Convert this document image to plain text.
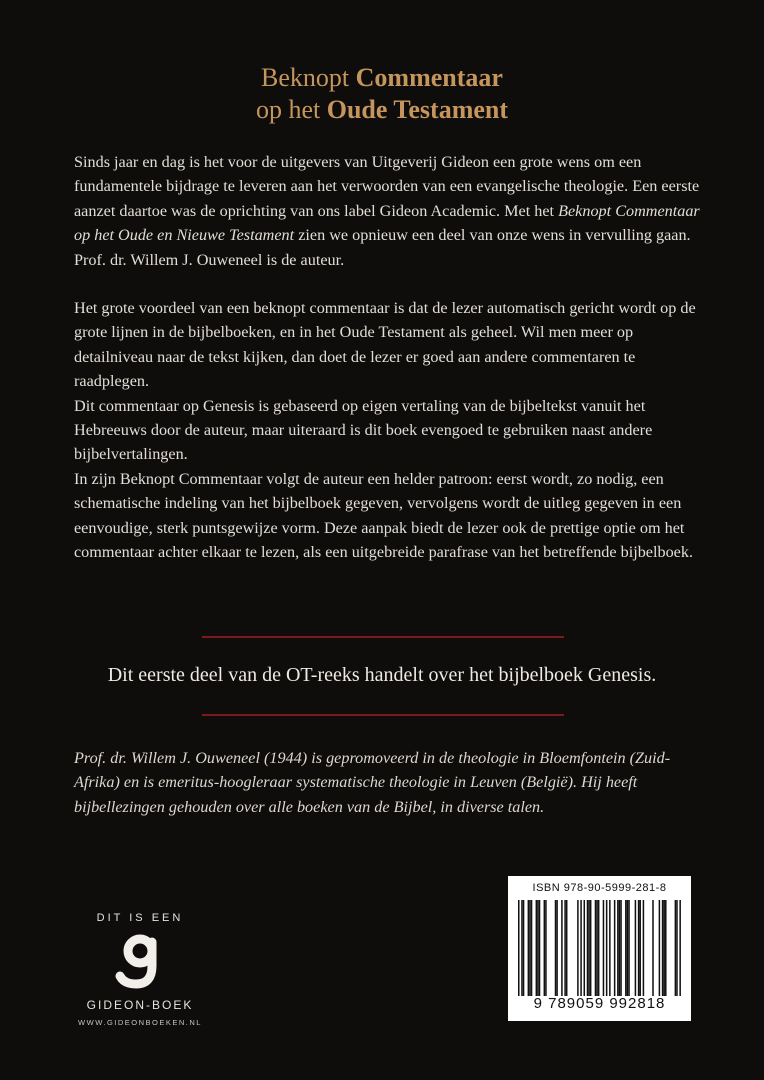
Beknopt Commentaar
op het Oude Testament

Sinds jaar en dag is het voor de uitgevers van Uitgeverij Gideon een grote wens om een fundamentele bijdrage te leveren aan het verwoorden van een evangelische theologie. Een eerste aanzet daartoe was de oprichting van ons label Gideon Academic. Met het Beknopt Commentaar op het Oude en Nieuwe Testament zien we opnieuw een deel van onze wens in vervulling gaan. Prof. dr. Willem J. Ouweneel is de auteur.

Het grote voordeel van een beknopt commentaar is dat de lezer automatisch gericht wordt op de grote lijnen in de bijbelboeken, en in het Oude Testament als geheel. Wil men meer op detailniveau naar de tekst kijken, dan doet de lezer er goed aan andere commentaren te raadplegen.

Dit commentaar op Genesis is gebaseerd op eigen vertaling van de bijbeltekst vanuit het Hebreeuws door de auteur, maar uiteraard is dit boek evengoed te gebruiken naast andere bijbelvertalingen.

In zijn Beknopt Commentaar volgt de auteur een helder patroon: eerst wordt, zo nodig, een schematische indeling van het bijbelboek gegeven, vervolgens wordt de uitleg gegeven in een eenvoudige, sterk puntsgewijze vorm. Deze aanpak biedt de lezer ook de prettige optie om het commentaar achter elkaar te lezen, als een uitgebreide parafrase van het betreffende bijbelboek.

Dit eerste deel van de OT-reeks handelt over het bijbelboek Genesis.
Prof. dr. Willem J. Ouweneel (1944) is gepromoveerd in de theologie in Bloemfontein (Zuid-Afrika) en is emeritus-hoogleraar systematische theologie in Leuven (België). Hij heeft bijbellezingen gehouden over alle boeken van de Bijbel, in diverse talen.
DIT IS EEN
GIDEON-BOEK
WWW.GIDEONBOEKEN.NL
ISBN 978-90-5999-281-8
9 789059 992818
